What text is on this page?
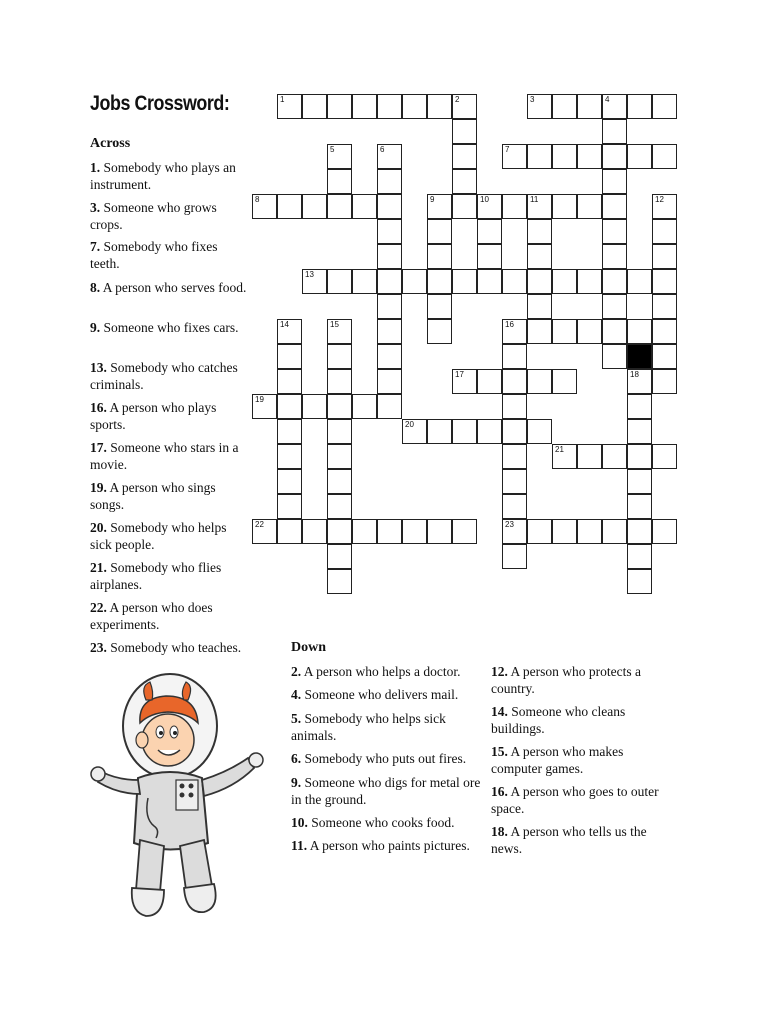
Jobs Crossword:
Across
1. Somebody who plays an instrument.
3. Someone who grows crops.
7. Somebody who fixes teeth.
8. A person who serves food.
9. Someone who fixes cars.
13. Somebody who catches criminals.
16. A person who plays sports.
17. Someone who stars in a movie.
19. A person who sings songs.
20. Somebody who helps sick people.
21. Somebody who flies airplanes.
22. A person who does experiments.
23. Somebody who teaches.	Down
2. A person who helps a doctor.
4. Someone who delivers mail.
5. Somebody who helps sick animals.
6. Somebody who puts out fires.
9. Someone who digs for metal ore in the ground.
10. Someone who cooks food.
11. A person who paints pictures.
12. A person who protects a country.
14. Someone who cleans buildings.
15. A person who makes computer games.
16. A person who goes to outer space.
18. A person who tells us the news.
1	2	3	4
7
5	6
8	9	10	11	12
13
14	15	16
23
17	18
19
20
21
22
